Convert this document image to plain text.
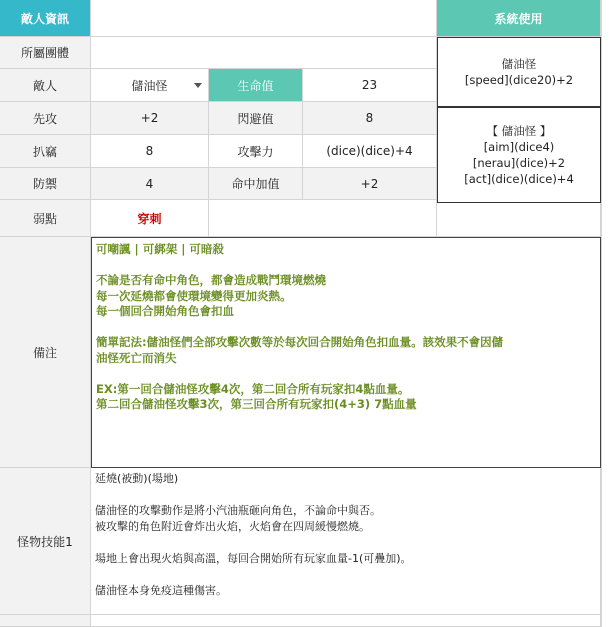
敵人資訊	系統使用
所屬團體
敵人	儲油怪	生命值	23
先攻	+2	閃避值	8
扒竊	8	攻擊力	(dice)(dice)+4
防禦	4	命中加值	+2
弱點	穿刺
儲油怪
[speed](dice20)+2
【 儲油怪 】
[aim](dice4)
[nerau](dice)+2
[act](dice)(dice)+4
備注
可嘲諷 | 可綁架 | 可暗殺

不論是否有命中角色，都會造成戰鬥環境燃燒
每一次延燒都會使環境變得更加炎熱。
每一個回合開始角色會扣血
簡單記法:儲油怪們全部攻擊次數等於每次回合開始角色扣血量。該效果不會因儲
油怪死亡而消失
EX:第一回合儲油怪攻擊4次，第二回合所有玩家扣4點血量。
第二回合儲油怪攻擊3次，第三回合所有玩家扣(4+3) 7點血量
怪物技能1
延燒(被動)(場地)
儲油怪的攻擊動作是將小汽油瓶砸向角色，不論命中與否。
被攻擊的角色附近會炸出火焰，火焰會在四周緩慢燃燒。
場地上會出現火焰與高溫，每回合開始所有玩家血量-1(可疊加)。
儲油怪本身免疫這種傷害。
